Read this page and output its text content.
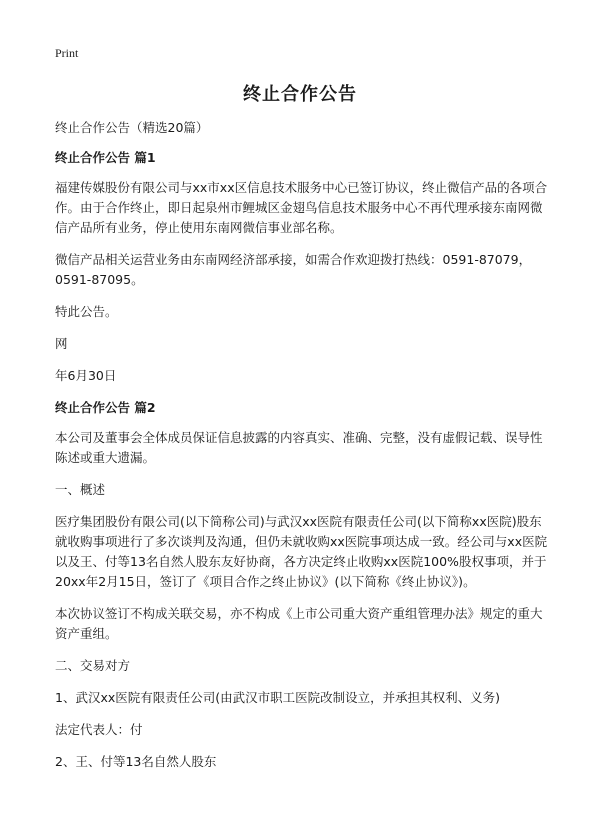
Print
终止合作公告

终止合作公告（精选20篇）

终止合作公告 篇1

福建传媒股份有限公司与xx市xx区信息技术服务中心已签订协议，终止微信产品的各项合作。由于合作终止，即日起泉州市鲤城区金翅鸟信息技术服务中心不再代理承接东南网微信产品所有业务，停止使用东南网微信事业部名称。

微信产品相关运营业务由东南网经济部承接，如需合作欢迎拨打热线：0591-87079，0591-87095。

特此公告。

网

年6月30日

终止合作公告 篇2

本公司及董事会全体成员保证信息披露的内容真实、准确、完整，没有虚假记载、误导性陈述或重大遗漏。

一、概述

医疗集团股份有限公司(以下简称公司)与武汉xx医院有限责任公司(以下简称xx医院)股东就收购事项进行了多次谈判及沟通，但仍未就收购xx医院事项达成一致。经公司与xx医院以及王、付等13名自然人股东友好协商，各方决定终止收购xx医院100%股权事项，并于20xx年2月15日，签订了《项目合作之终止协议》(以下简称《终止协议》)。

本次协议签订不构成关联交易，亦不构成《上市公司重大资产重组管理办法》规定的重大资产重组。

二、交易对方

1、武汉xx医院有限责任公司(由武汉市职工医院改制设立，并承担其权利、义务)

法定代表人：付

2、王、付等13名自然人股东
